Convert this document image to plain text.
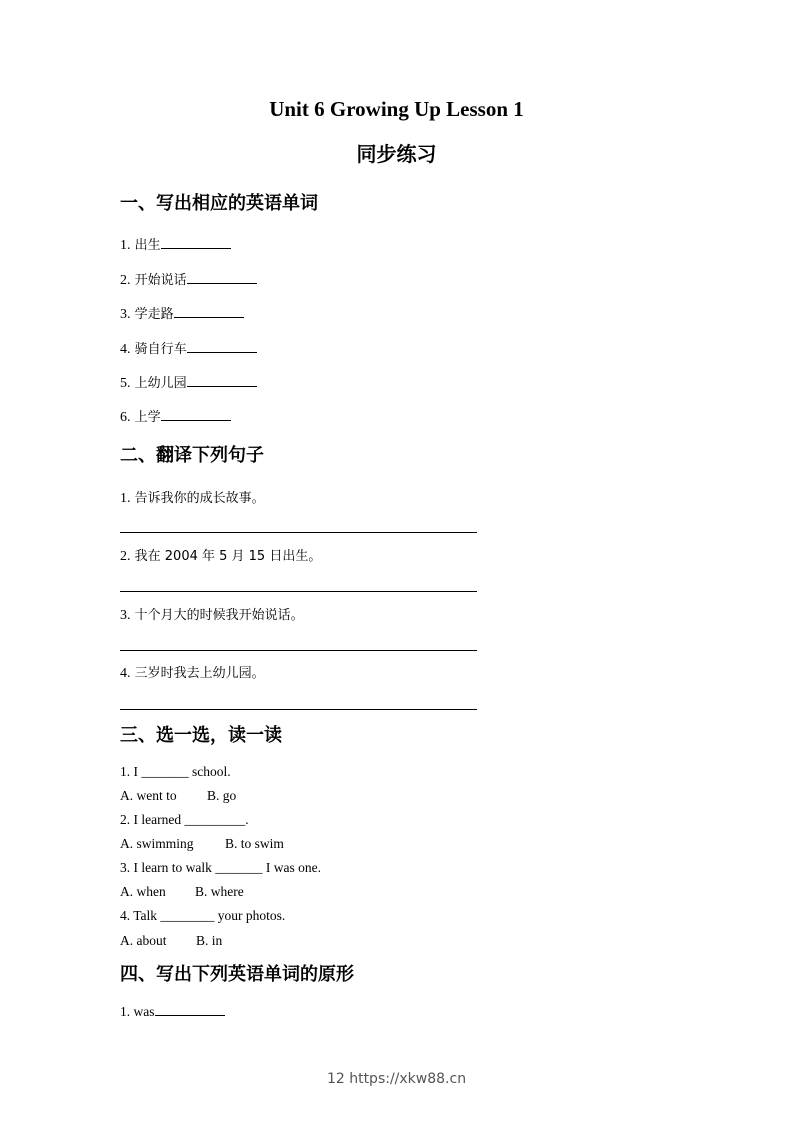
Unit 6 Growing Up Lesson 1
同步练习
一、写出相应的英语单词
1. 出生
2. 开始说话
3. 学走路
4. 骑自行车
5. 上幼儿园
6. 上学
二、翻译下列句子
1. 告诉我你的成长故事。
2. 我在 2004 年 5 月 15 日出生。
3. 十个月大的时候我开始说话。
4. 三岁时我去上幼儿园。
三、选一选，读一读
1. I _______ school.
A. went to B. go
2. I learned _________.
A. swimming B. to swim
3. I learn to walk _______ I was one.
A. when B. where
4. Talk ________ your photos.
A. about B. in
四、写出下列英语单词的原形
1. was
12 https://xkw88.cn
